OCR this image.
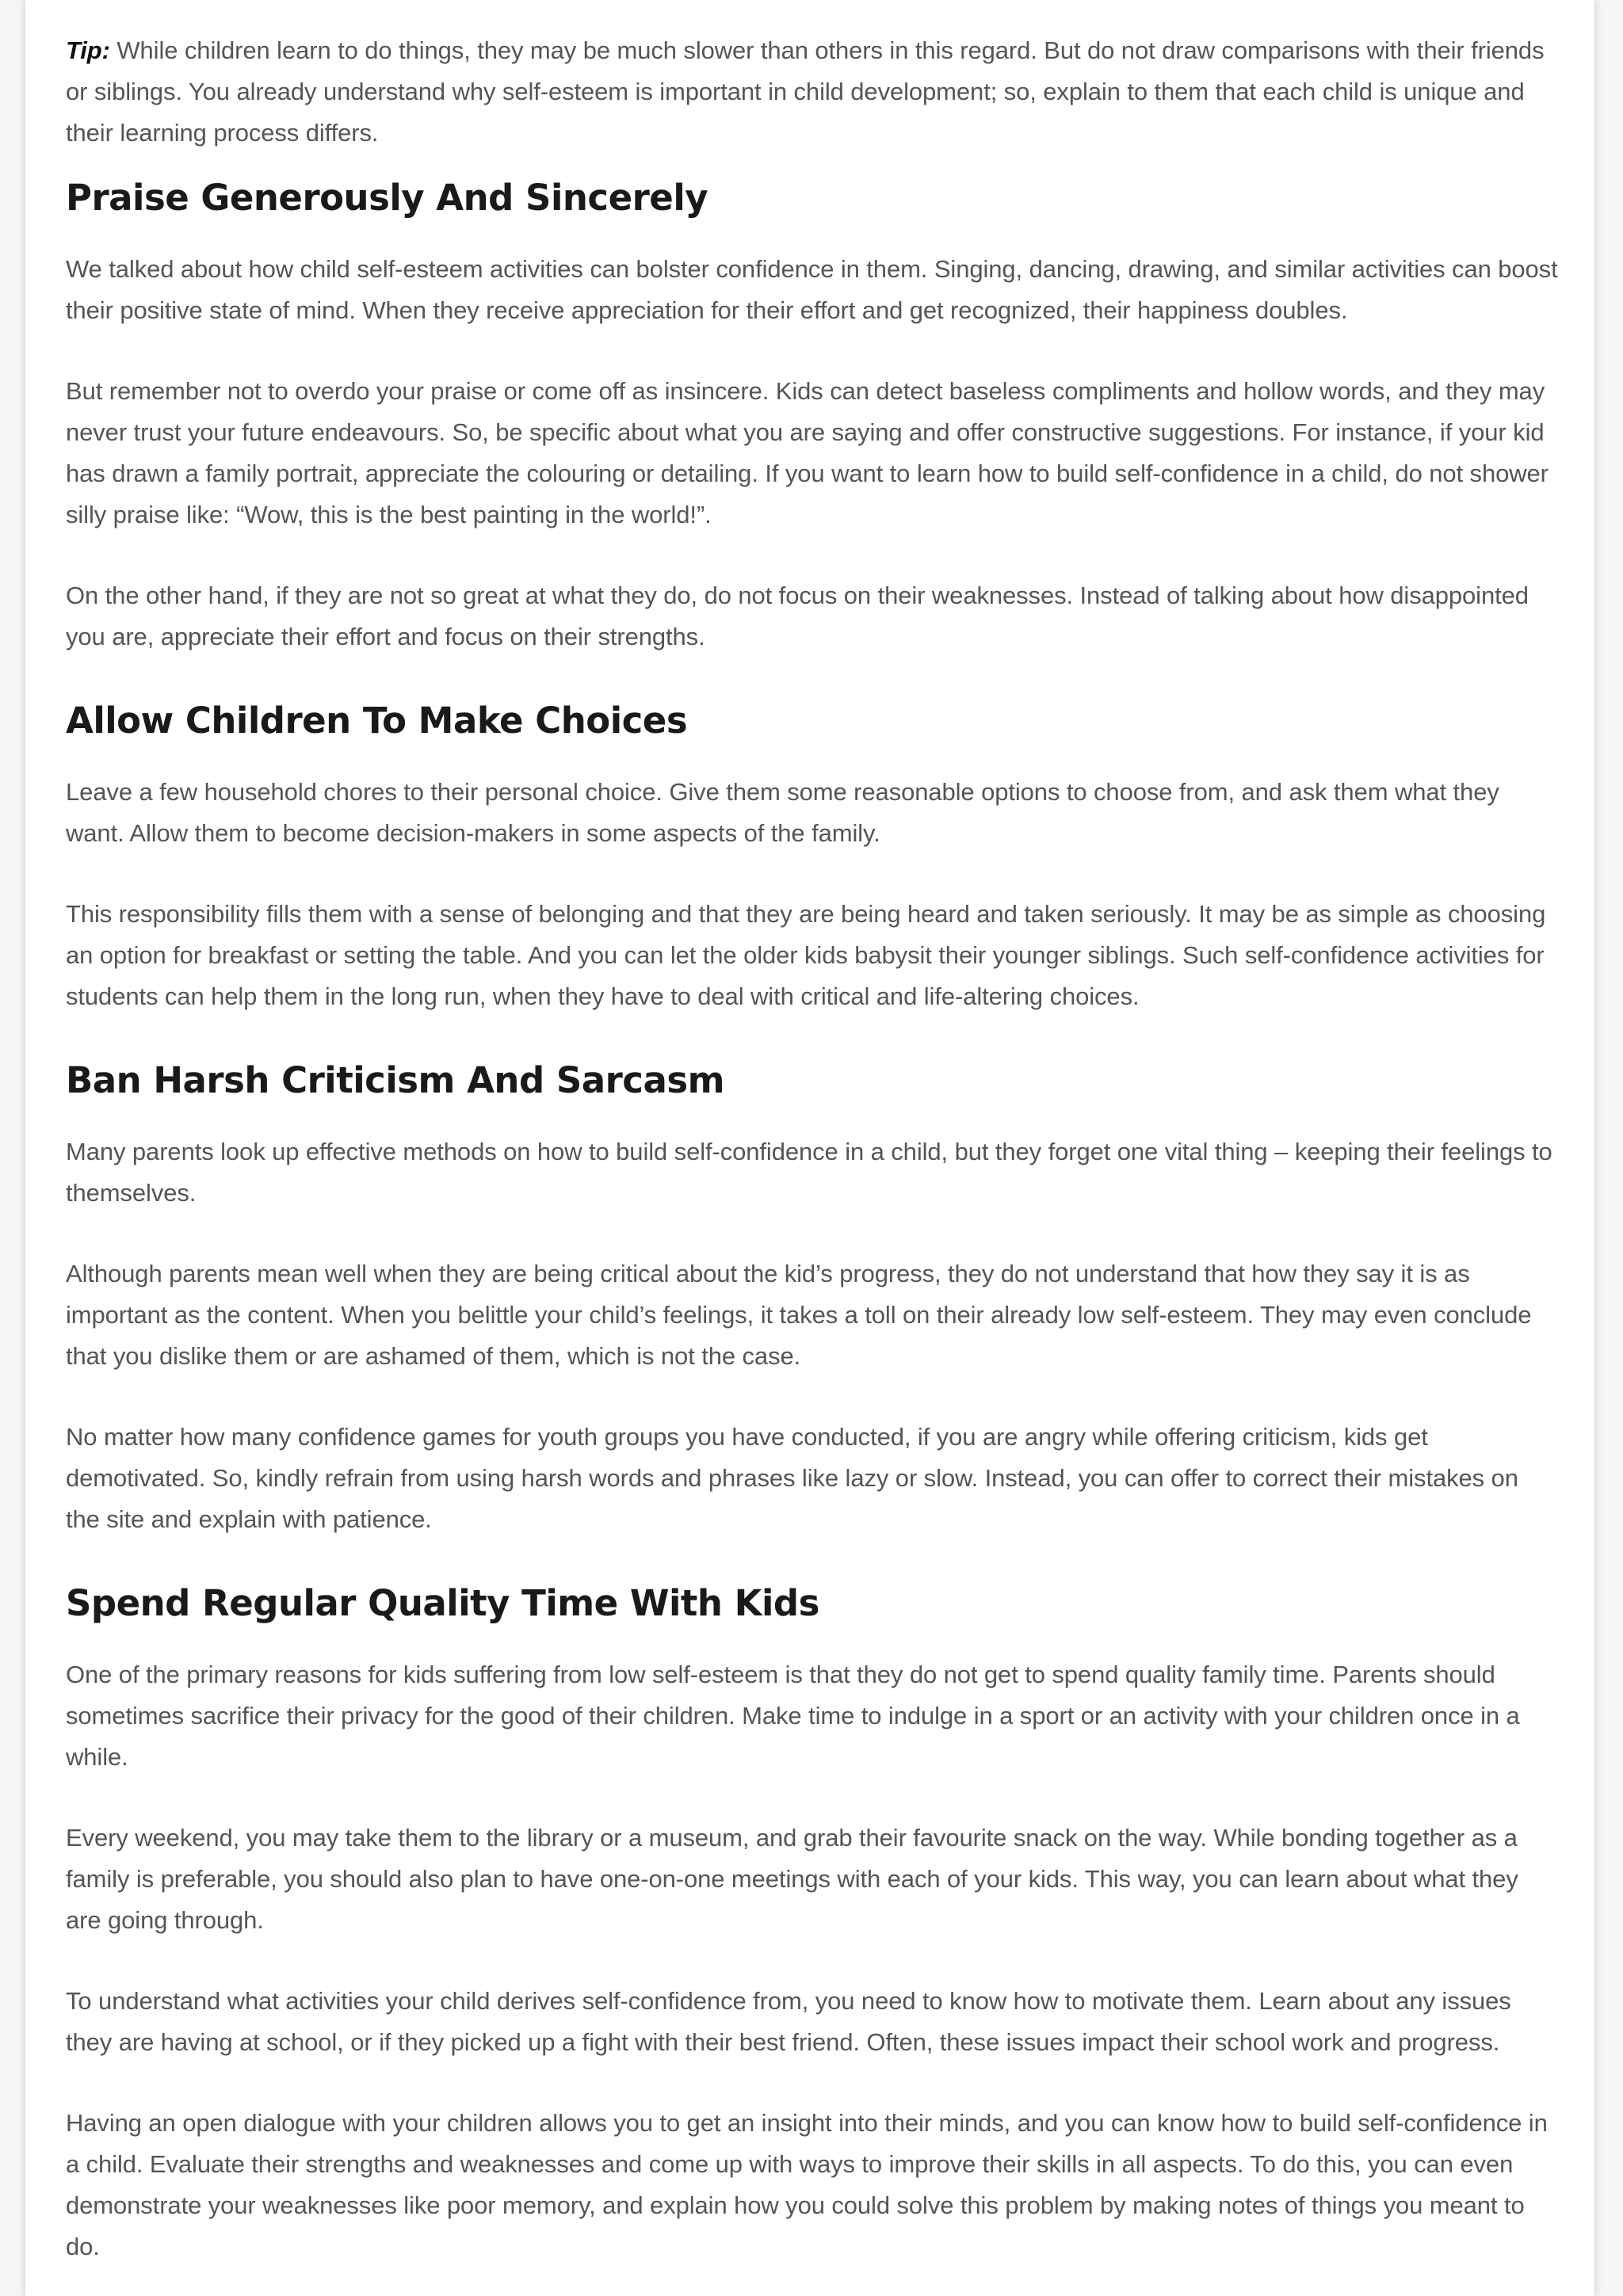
Tip: While children learn to do things, they may be much slower than others in this regard. But do not draw comparisons with their friends or siblings. You already understand why self-esteem is important in child development; so, explain to them that each child is unique and their learning process differs.

Praise Generously And Sincerely

We talked about how child self-esteem activities can bolster confidence in them. Singing, dancing, drawing, and similar activities can boost their positive state of mind. When they receive appreciation for their effort and get recognized, their happiness doubles.

But remember not to overdo your praise or come off as insincere. Kids can detect baseless compliments and hollow words, and they may never trust your future endeavours. So, be specific about what you are saying and offer constructive suggestions. For instance, if your kid has drawn a family portrait, appreciate the colouring or detailing. If you want to learn how to build self-confidence in a child, do not shower silly praise like: “Wow, this is the best painting in the world!”.

On the other hand, if they are not so great at what they do, do not focus on their weaknesses. Instead of talking about how disappointed you are, appreciate their effort and focus on their strengths.

Allow Children To Make Choices

Leave a few household chores to their personal choice. Give them some reasonable options to choose from, and ask them what they want. Allow them to become decision-makers in some aspects of the family.

This responsibility fills them with a sense of belonging and that they are being heard and taken seriously. It may be as simple as choosing an option for breakfast or setting the table. And you can let the older kids babysit their younger siblings. Such self-confidence activities for students can help them in the long run, when they have to deal with critical and life-altering choices.

Ban Harsh Criticism And Sarcasm

Many parents look up effective methods on how to build self-confidence in a child, but they forget one vital thing – keeping their feelings to themselves.

Although parents mean well when they are being critical about the kid’s progress, they do not understand that how they say it is as important as the content. When you belittle your child’s feelings, it takes a toll on their already low self-esteem. They may even conclude that you dislike them or are ashamed of them, which is not the case.

No matter how many confidence games for youth groups you have conducted, if you are angry while offering criticism, kids get demotivated. So, kindly refrain from using harsh words and phrases like lazy or slow. Instead, you can offer to correct their mistakes on the site and explain with patience.

Spend Regular Quality Time With Kids

One of the primary reasons for kids suffering from low self-esteem is that they do not get to spend quality family time. Parents should sometimes sacrifice their privacy for the good of their children. Make time to indulge in a sport or an activity with your children once in a while.

Every weekend, you may take them to the library or a museum, and grab their favourite snack on the way. While bonding together as a family is preferable, you should also plan to have one-on-one meetings with each of your kids. This way, you can learn about what they are going through.

To understand what activities your child derives self-confidence from, you need to know how to motivate them. Learn about any issues they are having at school, or if they picked up a fight with their best friend. Often, these issues impact their school work and progress.

Having an open dialogue with your children allows you to get an insight into their minds, and you can know how to build self-confidence in a child. Evaluate their strengths and weaknesses and come up with ways to improve their skills in all aspects. To do this, you can even demonstrate your weaknesses like poor memory, and explain how you could solve this problem by making notes of things you meant to do.
